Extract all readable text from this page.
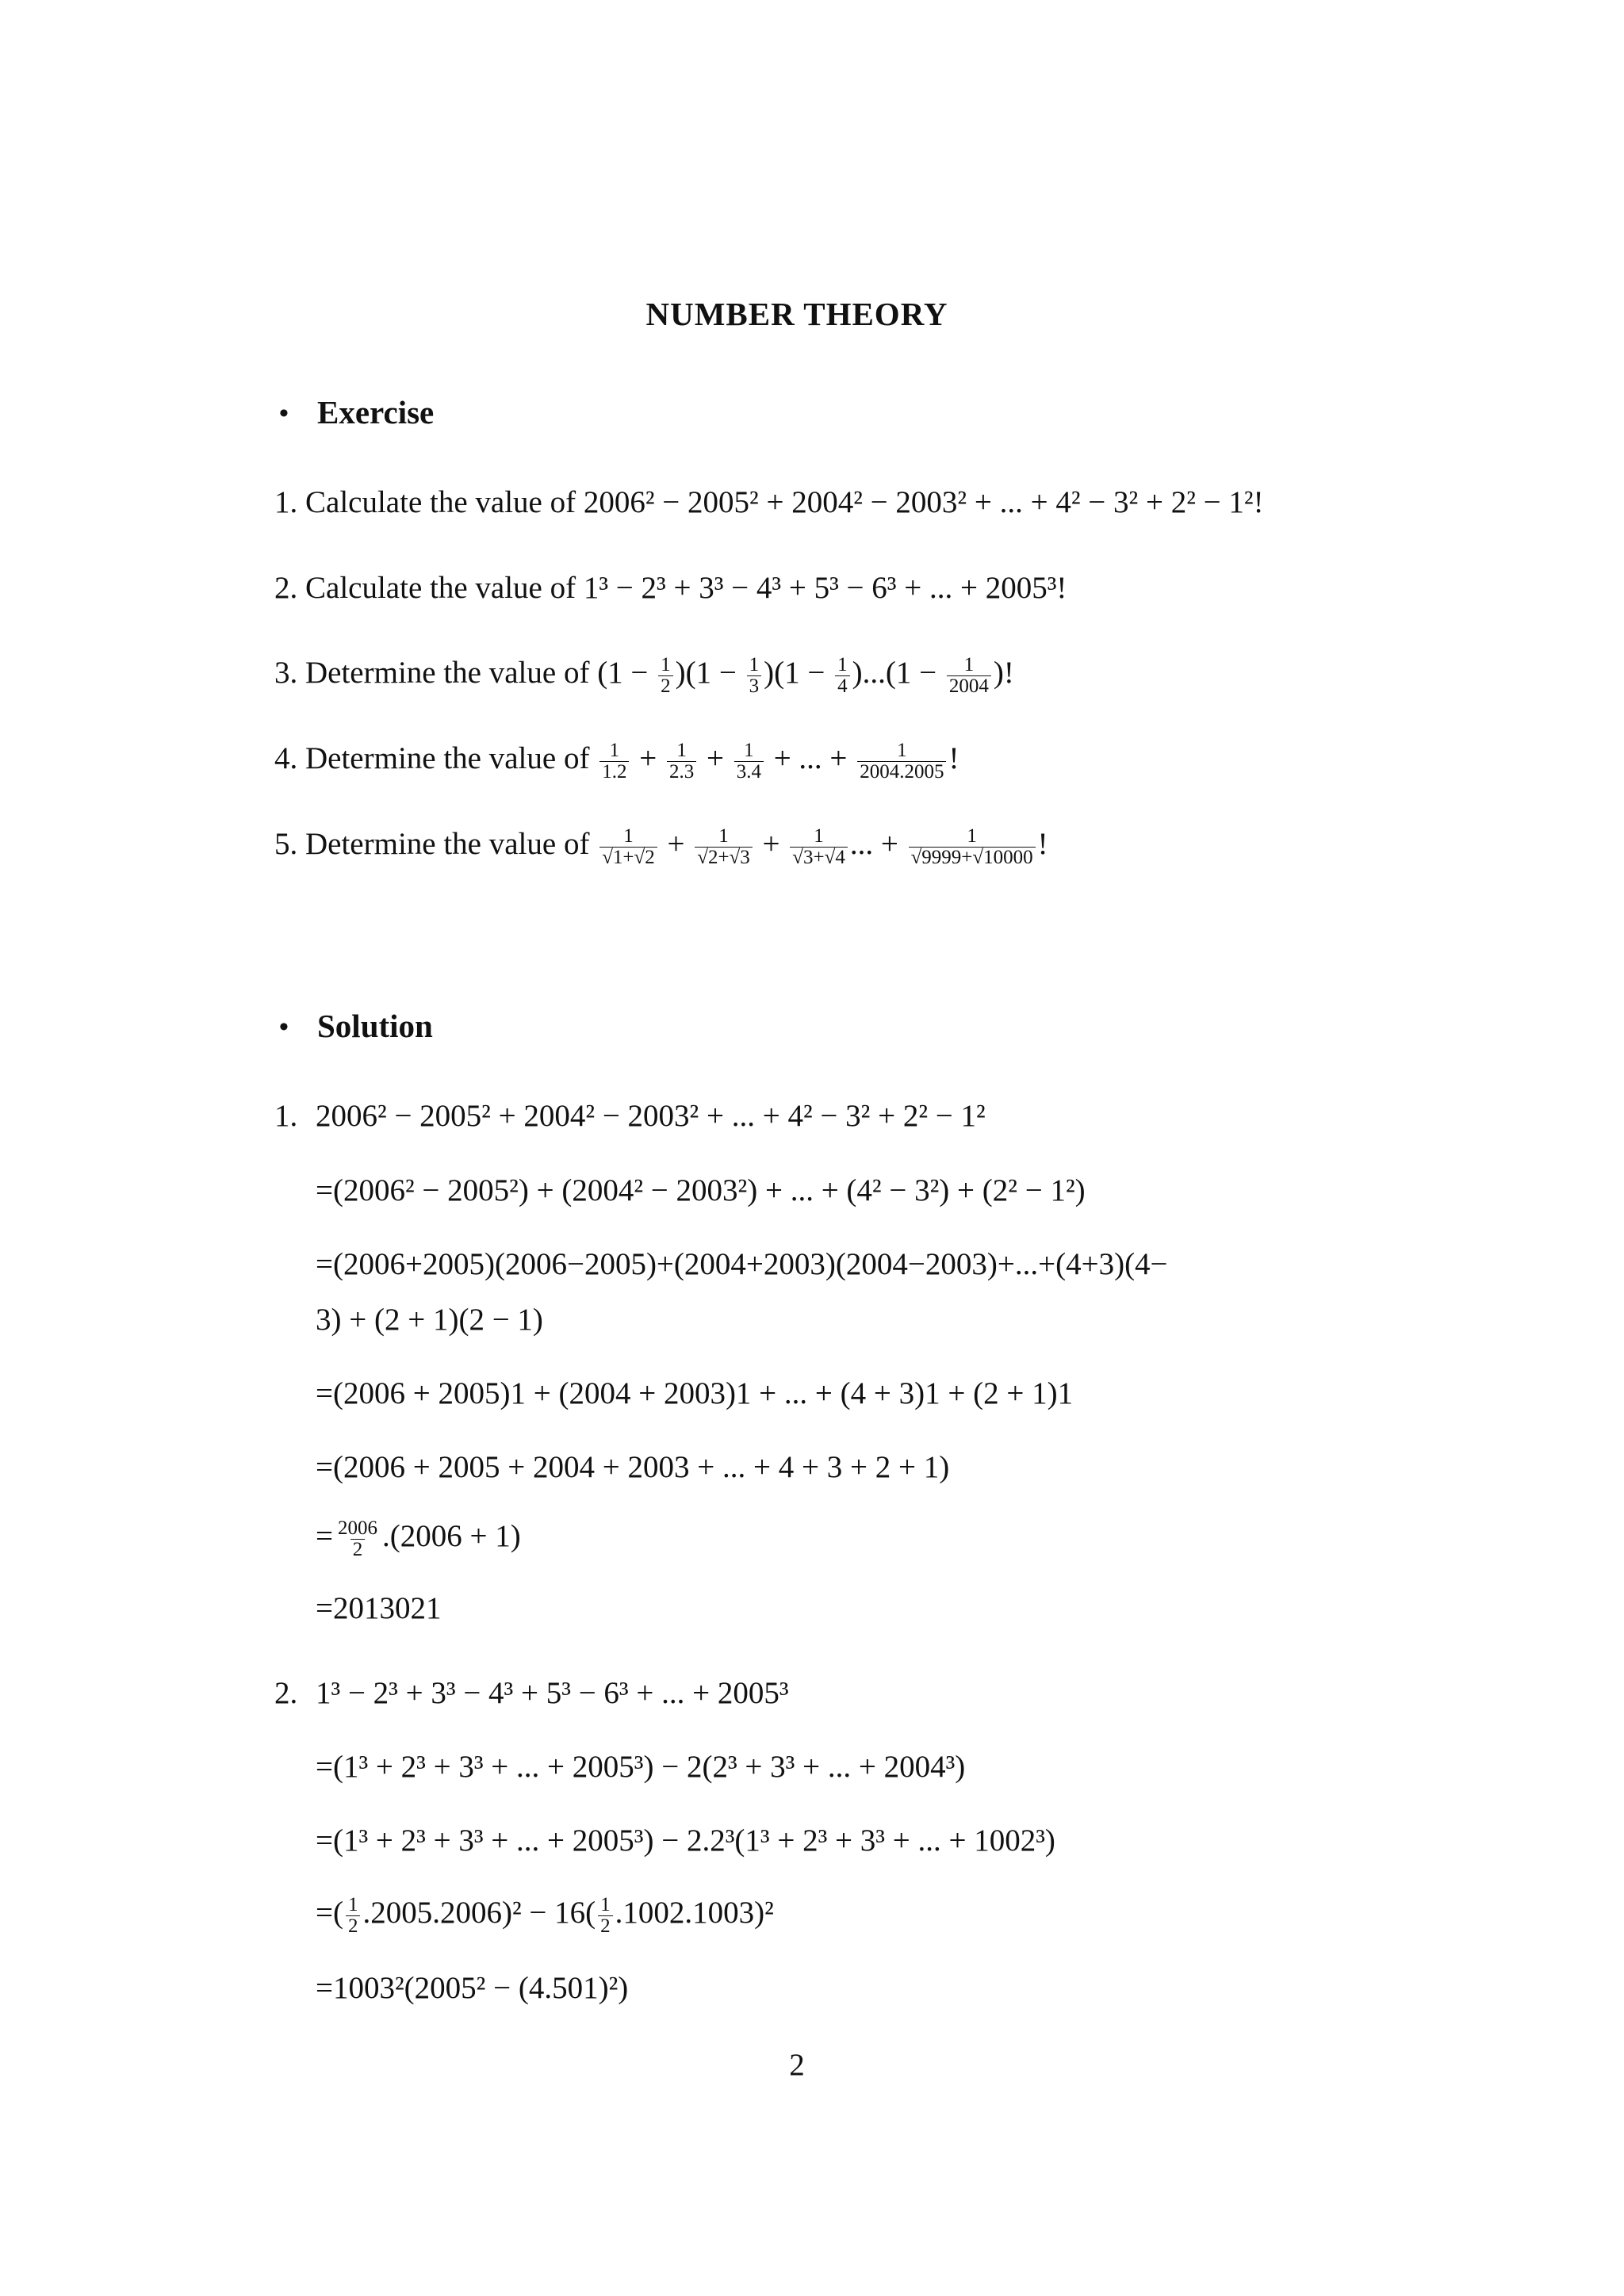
NUMBER THEORY
• Exercise
1. Calculate the value of 2006² − 2005² + 2004² − 2003² + ... + 4² − 3² + 2² − 1²!
2. Calculate the value of 1³ − 2³ + 3³ − 4³ + 5³ − 6³ + ... + 2005³!
3. Determine the value of $(1 - \frac{1}{2} )(1 - \frac{1}{3} )(1 - \frac{1}{4} )...(1 - \frac{1}{2004}$ )!
4. Determine the value of $\frac{1}{1.2} + \frac{1}{2.3} + \frac{1}{3.4}$ + ... + $\frac{1}{2004.2005}$ !
5. Determine the value of $\frac{1}{√1+√2} + \frac{1}{√2+√3} + \frac{1}{√3+√4}$ ... + $\frac{1}{√9999+√10000}$ !
• Solution
1. 2006² − 2005² + 2004² − 2003² + ... + 4² − 3² + 2² − 1²
=(2006² − 2005²) + (2004² − 2003²) + ... + (4² − 3²) + (2² − 1²)
=(2006+2005)(2006−2005)+(2004+2003)(2004−2003)+...+(4+3)(4−
3) + (2 + 1)(2 − 1)
=(2006 + 2005)1 + (2004 + 2003)1 + ... + (4 + 3)1 + (2 + 1)1
=(2006 + 2005 + 2004 + 2003 + ... + 4 + 3 + 2 + 1)
= $\frac{2006}{2} .(2006 + 1)$
=2013021
2. 1³ − 2³ + 3³ − 4³ + 5³ − 6³ + ... + 2005³
=(1³ + 2³ + 3³ + ... + 2005³) − 2(2³ + 3³ + ... + 2004³)
=(1³ + 2³ + 3³ + ... + 2005³) − 2.2³(1³ + 2³ + 3³ + ... + 1002³)
=( $\frac{1}{2} .2005.2006)^2 - 16( \frac{1}{2} .1002.1003)^2$
=1003²(2005² − (4.501)²)
2
